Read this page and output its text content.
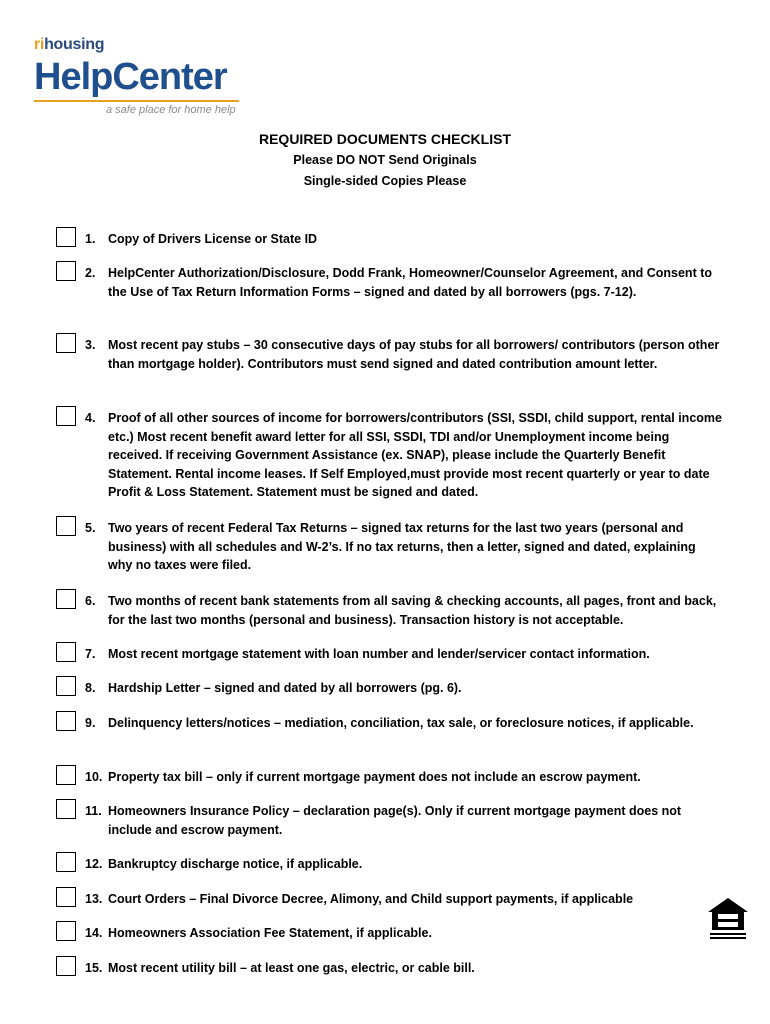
rihousing
HelpCenter
a safe place for home help
REQUIRED DOCUMENTS CHECKLIST
Please DO NOT Send Originals
Single-sided Copies Please
1. Copy of Drivers License or State ID
2. HelpCenter Authorization/Disclosure, Dodd Frank, Homeowner/Counselor Agreement, and Consent to the Use of Tax Return Information Forms – signed and dated by all borrowers (pgs. 7-12).
3. Most recent pay stubs – 30 consecutive days of pay stubs for all borrowers/ contributors (person other than mortgage holder). Contributors must send signed and dated contribution amount letter.
4. Proof of all other sources of income for borrowers/contributors (SSI, SSDI, child support, rental income etc.) Most recent benefit award letter for all SSI, SSDI, TDI and/or Unemployment income being received. If receiving Government Assistance (ex. SNAP), please include the Quarterly Benefit Statement. Rental income leases. If Self Employed,must provide most recent quarterly or year to date Profit & Loss Statement. Statement must be signed and dated.
5. Two years of recent Federal Tax Returns – signed tax returns for the last two years (personal and business) with all schedules and W-2’s. If no tax returns, then a letter, signed and dated, explaining why no taxes were filed.
6. Two months of recent bank statements from all saving & checking accounts, all pages, front and back, for the last two months (personal and business). Transaction history is not acceptable.
7. Most recent mortgage statement with loan number and lender/servicer contact information.
8. Hardship Letter – signed and dated by all borrowers (pg. 6).
9. Delinquency letters/notices – mediation, conciliation, tax sale, or foreclosure notices, if applicable.
10. Property tax bill – only if current mortgage payment does not include an escrow payment.
11. Homeowners Insurance Policy – declaration page(s). Only if current mortgage payment does not include and escrow payment.
12. Bankruptcy discharge notice, if applicable.
13. Court Orders – Final Divorce Decree, Alimony, and Child support payments, if applicable
14. Homeowners Association Fee Statement, if applicable.
15. Most recent utility bill – at least one gas, electric, or cable bill.
